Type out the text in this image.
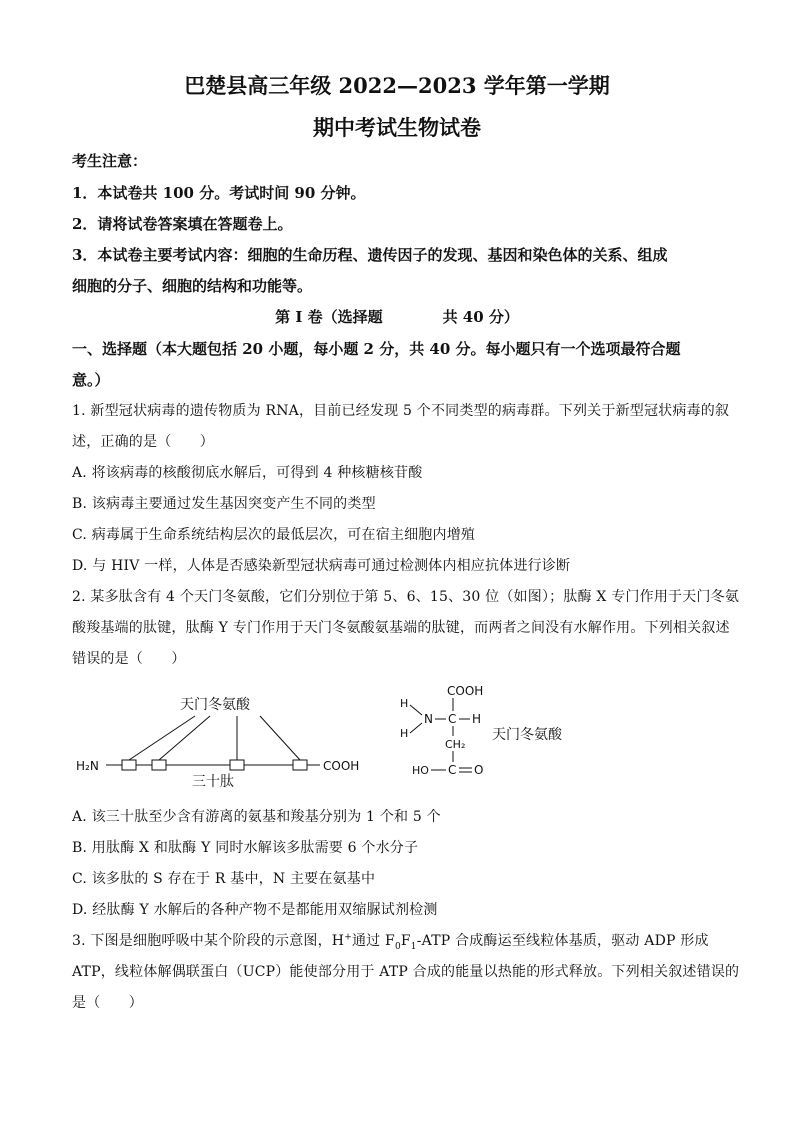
巴楚县高三年级 2022—2023 学年第一学期
期中考试生物试卷
考生注意：
1．本试卷共 100 分。考试时间 90 分钟。
2．请将试卷答案填在答题卷上。
3．本试卷主要考试内容：细胞的生命历程、遗传因子的发现、基因和染色体的关系、组成
细胞的分子、细胞的结构和功能等。
第 I 卷（选择题　　　　共 40 分）
一、选择题（本大题包括 20 小题，每小题 2 分，共 40 分。每小题只有一个选项最符合题
意。）
1. 新型冠状病毒的遗传物质为 RNA，目前已经发现 5 个不同类型的病毒群。下列关于新型冠状病毒的叙
述，正确的是（　　）
A. 将该病毒的核酸彻底水解后，可得到 4 种核糖核苷酸
B. 该病毒主要通过发生基因突变产生不同的类型
C. 病毒属于生命系统结构层次的最低层次，可在宿主细胞内增殖
D. 与 HIV 一样，人体是否感染新型冠状病毒可通过检测体内相应抗体进行诊断
2. 某多肽含有 4 个天门冬氨酸，它们分别位于第 5、6、15、30 位（如图）；肽酶 X 专门作用于天门冬氨
酸羧基端的肽键，肽酶 Y 专门作用于天门冬氨酸氨基端的肽键，而两者之间没有水解作用。下列相关叙述
错误的是（　　）
天门冬氨酸
H₂N	COOH
三十肽
H
H
N C H
COOH
CH₂
HO C O
天门冬氨酸
A. 该三十肽至少含有游离的氨基和羧基分别为 1 个和 5 个
B. 用肽酶 X 和肽酶 Y 同时水解该多肽需要 6 个水分子
C. 该多肽的 S 存在于 R 基中，N 主要在氨基中
D. 经肽酶 Y 水解后的各种产物不是都能用双缩脲试剂检测
3. 下图是细胞呼吸中某个阶段的示意图，H+通过 $F_0F_1$-ATP 合成酶运至线粒体基质，驱动 ADP 形成
ATP，线粒体解偶联蛋白（UCP）能使部分用于 ATP 合成的能量以热能的形式释放。下列相关叙述错误的
是（　　）
